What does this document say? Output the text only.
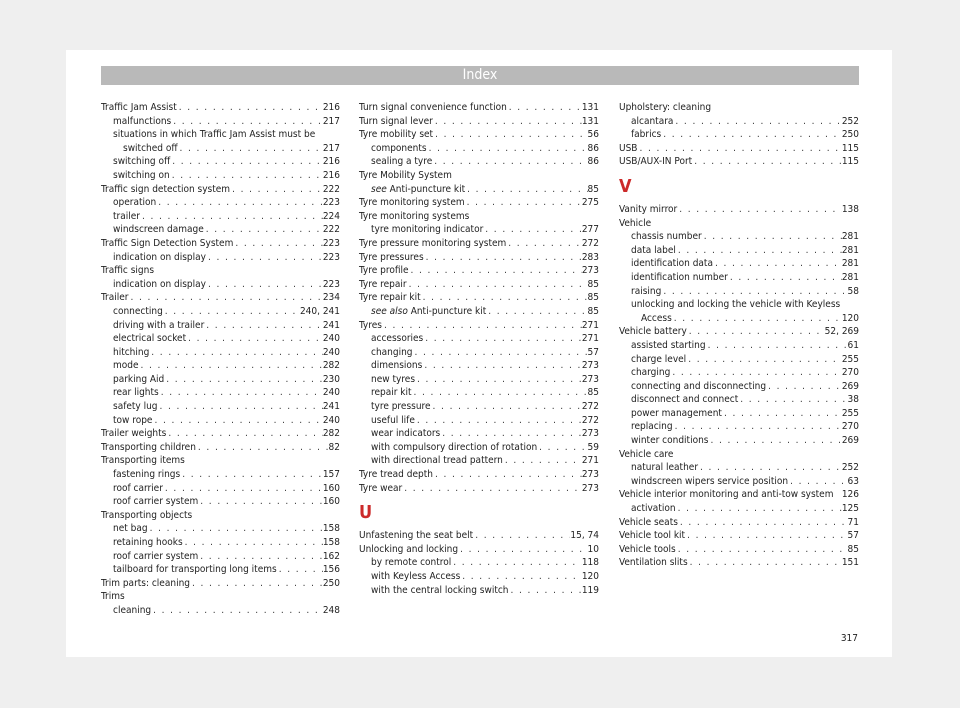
Index
Traffic Jam Assist . . .	216
malfunctions . . .	217
situations in which Traffic Jam Assist must be
switched off . . .	217
switching off . . .	216
switching on . . .	216
Traffic sign detection system . . .	222
operation . . .	223
trailer . . .	224
windscreen damage . . .	222
Traffic Sign Detection System . . .	223
indication on display . . .	223
Traffic signs
indication on display . . .	223
Trailer . . .	234
connecting . . .	240, 241
driving with a trailer . . .	241
electrical socket . . .	240
hitching . . .	240
mode . . .	282
parking Aid . . .	230
rear lights . . .	240
safety lug . . .	241
tow rope . . .	240
Trailer weights . . .	282
Transporting children . . .	82
Transporting items
fastening rings . . .	157
roof carrier . . .	160
roof carrier system . . .	160
Transporting objects
net bag . . .	158
retaining hooks . . .	158
roof carrier system . . .	162
tailboard for transporting long items . . .	156
Trim parts: cleaning . . .	250
Trims
cleaning . . .	248
Turn signal convenience function . . .	131
Turn signal lever . . .	131
Tyre mobility set . . .	56
components . . .	86
sealing a tyre . . .	86
Tyre Mobility System
see Anti-puncture kit . . .	85
Tyre monitoring system . . .	275
Tyre monitoring systems
tyre monitoring indicator . . .	277
Tyre pressure monitoring system . . .	272
Tyre pressures . . .	283
Tyre profile . . .	273
Tyre repair . . .	85
Tyre repair kit . . .	85
see also Anti-puncture kit . . .	85
Tyres . . .	271
accessories . . .	271
changing . . .	57
dimensions . . .	273
new tyres . . .	273
repair kit . . .	85
tyre pressure . . .	272
useful life . . .	272
wear indicators . . .	273
with compulsory direction of rotation . . .	59
with directional tread pattern . . .	271
Tyre tread depth . . .	273
Tyre wear . . .	273
U
Unfastening the seat belt . . .	15, 74
Unlocking and locking . . .	10
by remote control . . .	118
with Keyless Access . . .	120
with the central locking switch . . .	119
Upholstery: cleaning
alcantara . . .	252
fabrics . . .	250
USB . . .	115
USB/AUX-IN Port . . .	115
V
Vanity mirror . . .	138
Vehicle
chassis number . . .	281
data label . . .	281
identification data . . .	281
identification number . . .	281
raising . . .	58
unlocking and locking the vehicle with Keyless
Access . . .	120
Vehicle battery . . .	52, 269
assisted starting . . .	61
charge level . . .	255
charging . . .	270
connecting and disconnecting . . .	269
disconnect and connect . . .	38
power management . . .	255
replacing . . .	270
winter conditions . . .	269
Vehicle care
natural leather . . .	252
windscreen wipers service position . . .	63
Vehicle interior monitoring and anti-tow system 126
activation . . .	125
Vehicle seats . . .	71
Vehicle tool kit . . .	57
Vehicle tools . . .	85
Ventilation slits . . .	151
317
